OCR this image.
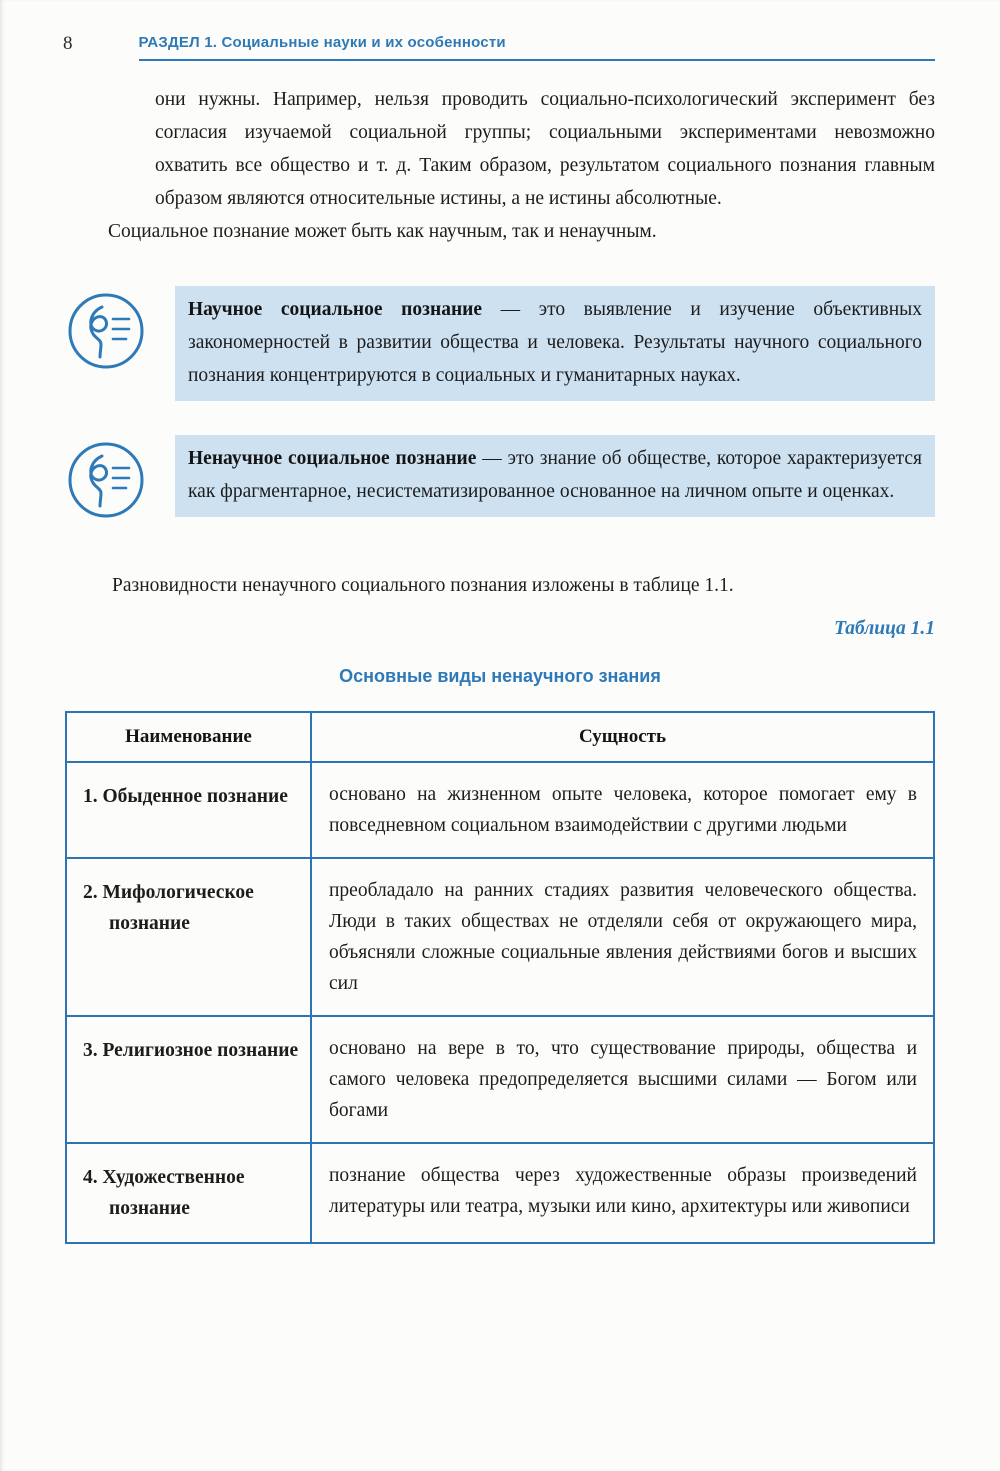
8	РАЗДЕЛ 1. Социальные науки и их особенности

они нужны. Например, нельзя проводить социально-психологический эксперимент без согласия изучаемой социальной группы; социальными экспериментами невозможно охватить все общество и т. д. Таким образом, результатом социального познания главным образом являются относительные истины, а не истины абсолютные.

Социальное познание может быть как научным, так и ненаучным.

Научное социальное познание — это выявление и изучение объективных закономерностей в развитии общества и человека. Результаты научного социального познания концентрируются в социальных и гуманитарных науках.

Ненаучное социальное познание — это знание об обществе, которое характеризуется как фрагментарное, несистематизированное основанное на личном опыте и оценках.

Разновидности ненаучного социального познания изложены в таблице 1.1.

Таблица 1.1
Основные виды ненаучного знания
Наименование	Сущность
1. Обыденное познание	основано на жизненном опыте человека, которое помогает ему в повседневном социальном взаимодействии с другими людьми
2. Мифологическое познание	преобладало на ранних стадиях развития человеческого общества. Люди в таких обществах не отделяли себя от окружающего мира, объясняли сложные социальные явления действиями богов и высших сил
3. Религиозное познание	основано на вере в то, что существование природы, общества и самого человека предопределяется высшими силами — Богом или богами
4. Художественное познание	познание общества через художественные образы произведений литературы или театра, музыки или кино, архитектуры или живописи
